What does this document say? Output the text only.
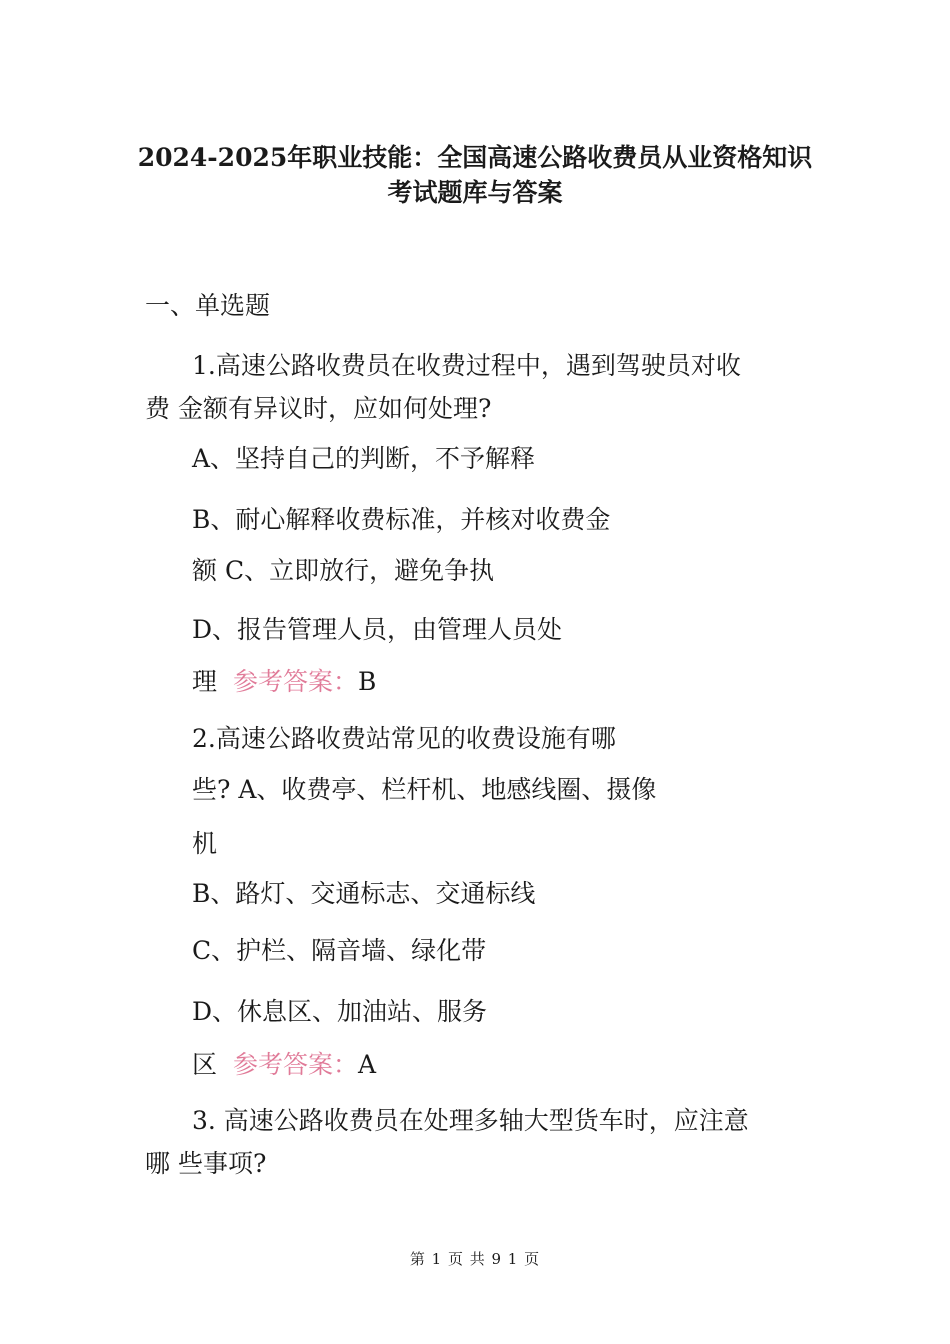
2024-2025年职业技能：全国高速公路收费员从业资格知识
考试题库与答案
一、单选题
1.高速公路收费员在收费过程中，遇到驾驶员对收
费 金额有异议时，应如何处理?
A、坚持自己的判断，不予解释
B、耐心解释收费标准，并核对收费金
额 C、立即放行，避免争执
D、报告管理人员，由管理人员处
理 参考答案：B
2.高速公路收费站常见的收费设施有哪
些? A、收费亭、栏杆机、地感线圈、摄像
机
B、路灯、交通标志、交通标线
C、护栏、隔音墙、绿化带
D、休息区、加油站、服务
区 参考答案：A
3. 高速公路收费员在处理多轴大型货车时，应注意
哪 些事项?
第 1 页 共 9 1 页
